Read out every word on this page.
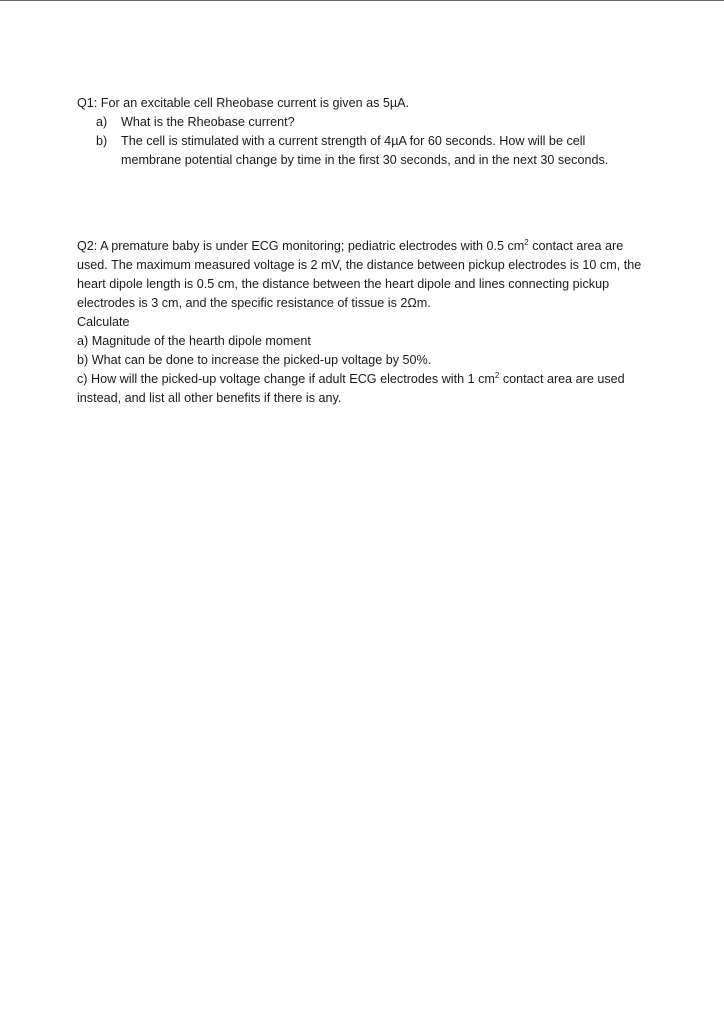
Q1: For an excitable cell Rheobase current is given as 5µA.

a)	What is the Rheobase current?
b)	The cell is stimulated with a current strength of 4µA for 60 seconds. How will be cell membrane potential change by time in the first 30 seconds, and in the next 30 seconds.

Q2: A premature baby is under ECG monitoring; pediatric electrodes with 0.5 $cm^2$ contact area are used. The maximum measured voltage is 2 mV, the distance between pickup electrodes is 10 cm, the heart dipole length is 0.5 cm, the distance between the heart dipole and lines connecting pickup electrodes is 3 cm, and the specific resistance of tissue is 2Ωm.

Calculate

a) Magnitude of the hearth dipole moment

b) What can be done to increase the picked-up voltage by 50%.

c) How will the picked-up voltage change if adult ECG electrodes with 1 $cm^2$ contact area are used instead, and list all other benefits if there is any.
